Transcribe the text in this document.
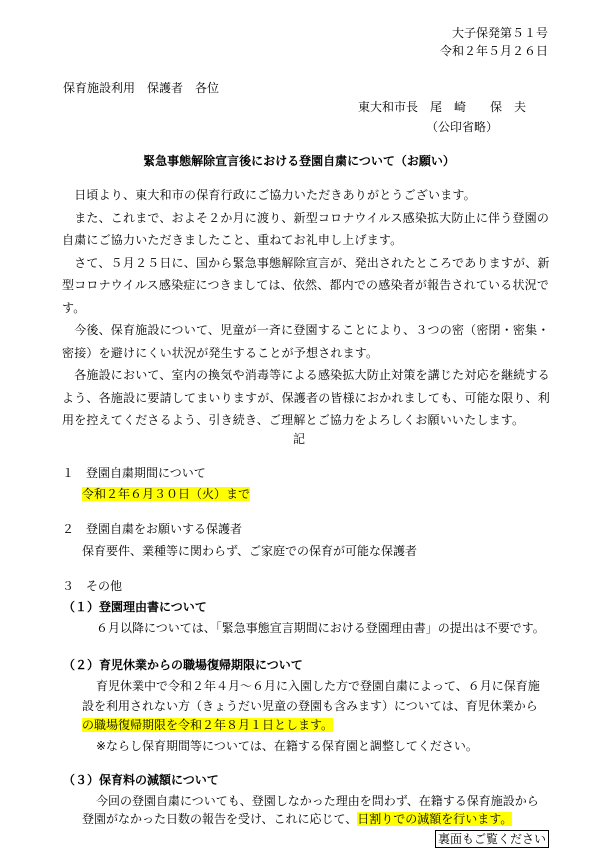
大子保発第５１号
令和２年５月２６日
保育施設利用　保護者　各位
東大和市長　尾　崎　　保　夫
（公印省略）
緊急事態解除宣言後における登園自粛について（お願い）
　日頃より、東大和市の保育行政にご協力いただきありがとうございます。
　また、これまで、およそ２か月に渡り、新型コロナウイルス感染拡大防止に伴う登園の自粛にご協力いただきましたこと、重ねてお礼申し上げます。
　さて、５月２５日に、国から緊急事態解除宣言が、発出されたところでありますが、新型コロナウイルス感染症につきましては、依然、都内での感染者が報告されている状況です。
　今後、保育施設について、児童が一斉に登園することにより、３つの密（密閉・密集・密接）を避けにくい状況が発生することが予想されます。
　各施設において、室内の換気や消毒等による感染拡大防止対策を講じた対応を継続するよう、各施設に要請してまいりますが、保護者の皆様におかれましても、可能な限り、利用を控えてくださるよう、引き続き、ご理解とご協力をよろしくお願いいたします。
記
１　登園自粛期間について
令和２年６月３０日（火）まで
２　登園自粛をお願いする保護者
保育要件、業種等に関わらず、ご家庭での保育が可能な保護者
３　その他
（１）登園理由書について
６月以降については、「緊急事態宣言期間における登園理由書」の提出は不要です。
（２）育児休業からの職場復帰期限について
育児休業中で令和２年４月～６月に入園した方で登園自粛によって、６月に保育施
設を利用されない方（きょうだい児童の登園も含みます）については、育児休業から
の職場復帰期限を令和２年８月１日とします。
※ならし保育期間等については、在籍する保育園と調整してください。
（３）保育料の減額について
今回の登園自粛についても、登園しなかった理由を問わず、在籍する保育施設から
登園がなかった日数の報告を受け、これに応じて、日割りでの減額を行います。
裏面もご覧ください
